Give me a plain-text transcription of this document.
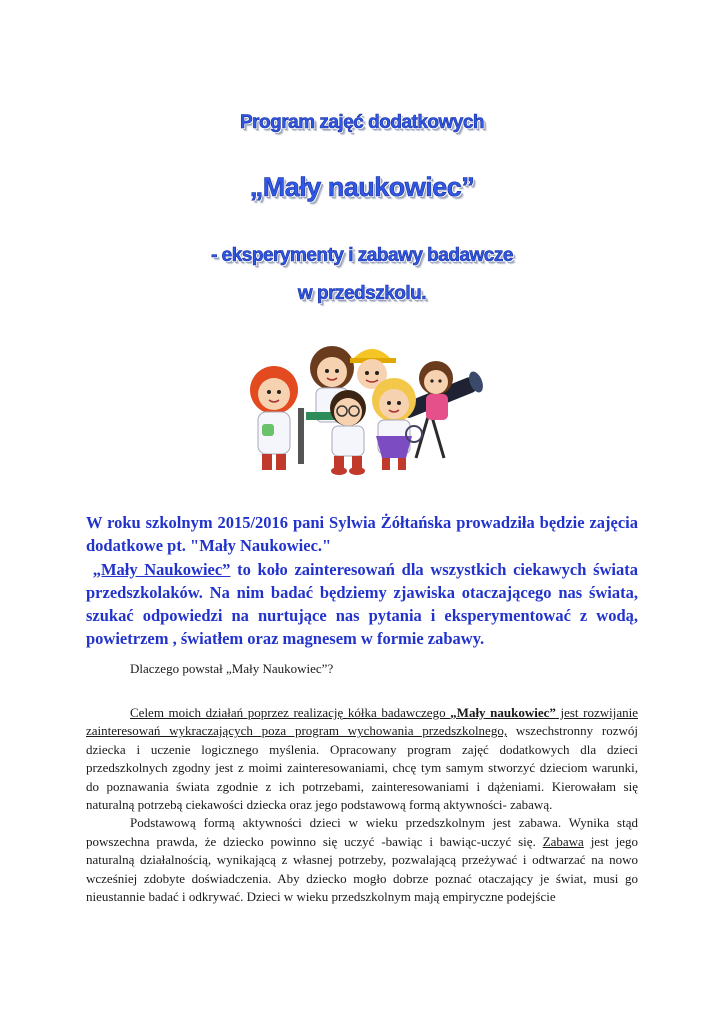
Program zajęć dodatkowych
„Mały naukowiec”
- eksperymenty i zabawy badawcze
w przedszkolu.

W roku szkolnym 2015/2016 pani Sylwia Żółtańska prowadziła będzie zajęcia dodatkowe pt. "Mały Naukowiec."

„Mały Naukowiec” to koło zainteresowań dla wszystkich ciekawych świata przedszkolaków. Na nim badać będziemy zjawiska otaczającego nas świata, szukać odpowiedzi na nurtujące nas pytania i eksperymentować z wodą, powietrzem , światłem oraz magnesem w formie zabawy.

Dlaczego powstał „Mały Naukowiec”?

Celem moich działań poprzez realizację kółka badawczego „Mały naukowiec” jest rozwijanie zainteresowań wykraczających poza program wychowania przedszkolnego, wszechstronny rozwój dziecka i uczenie logicznego myślenia. Opracowany program zajęć dodatkowych dla dzieci przedszkolnych zgodny jest z moimi zainteresowaniami, chcę tym samym stworzyć dzieciom warunki, do poznawania świata zgodnie z ich potrzebami, zainteresowaniami i dążeniami. Kierowałam się naturalną potrzebą ciekawości dziecka oraz jego podstawową formą aktywności- zabawą.

Podstawową formą aktywności dzieci w wieku przedszkolnym jest zabawa. Wynika stąd powszechna prawda, że dziecko powinno się uczyć -bawiąc i bawiąc-uczyć się. Zabawa jest jego naturalną działalnością, wynikającą z własnej potrzeby, pozwalającą przeżywać i odtwarzać na nowo wcześniej zdobyte doświadczenia. Aby dziecko mogło dobrze poznać otaczający je świat, musi go nieustannie badać i odkrywać. Dzieci w wieku przedszkolnym mają empiryczne podejście
